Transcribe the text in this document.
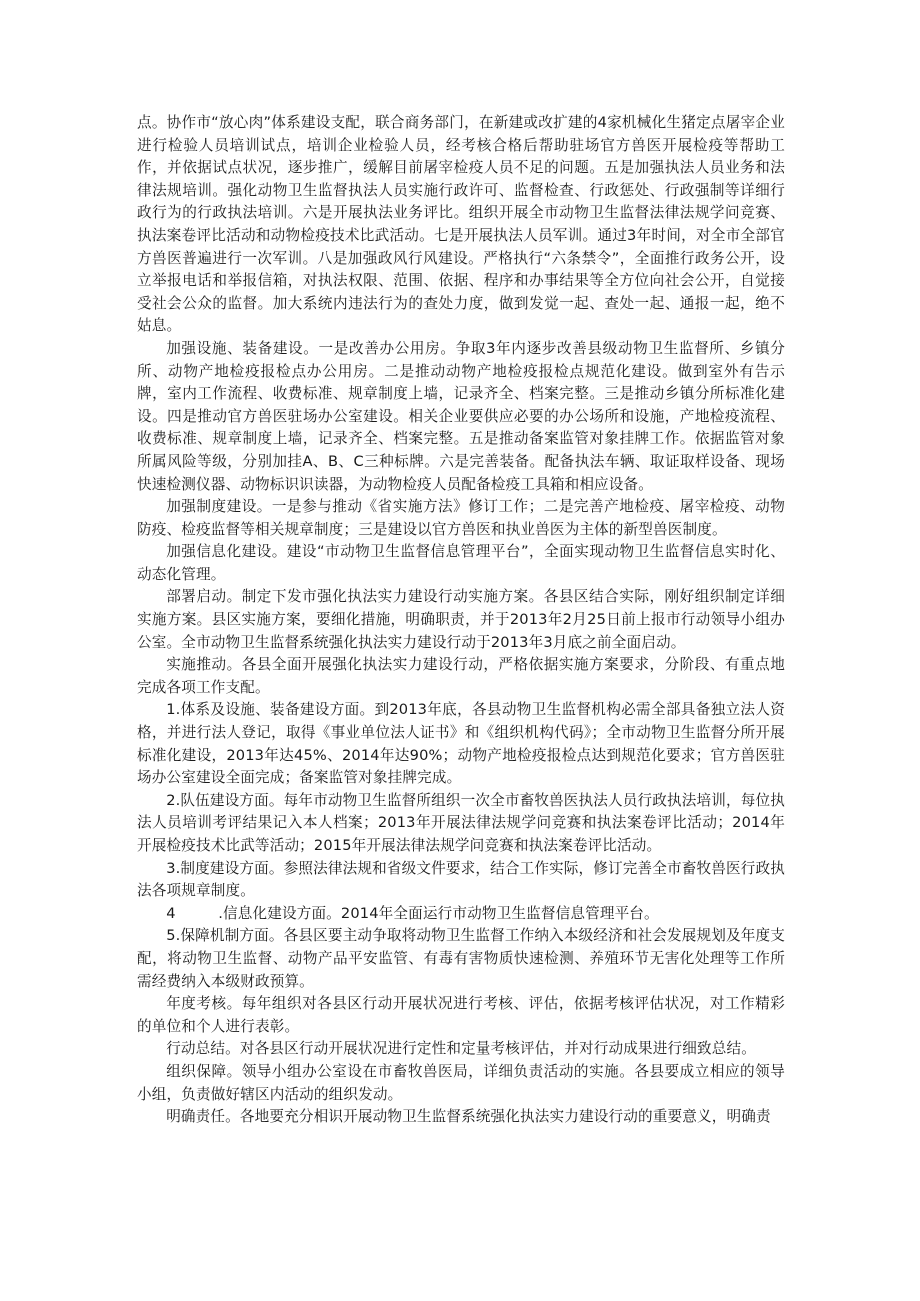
点。协作市“放心肉”体系建设支配，联合商务部门，在新建或改扩建的4家机械化生猪定点屠宰企业进行检验人员培训试点，培训企业检验人员，经考核合格后帮助驻场官方兽医开展检疫等帮助工作，并依据试点状况，逐步推广，缓解目前屠宰检疫人员不足的问题。五是加强执法人员业务和法律法规培训。强化动物卫生监督执法人员实施行政许可、监督检查、行政惩处、行政强制等详细行政行为的行政执法培训。六是开展执法业务评比。组织开展全市动物卫生监督法律法规学问竞赛、执法案卷评比活动和动物检疫技术比武活动。七是开展执法人员军训。通过3年时间，对全市全部官方兽医普遍进行一次军训。八是加强政风行风建设。严格执行“六条禁令”，全面推行政务公开，设立举报电话和举报信箱，对执法权限、范围、依据、程序和办事结果等全方位向社会公开，自觉接受社会公众的监督。加大系统内违法行为的查处力度，做到发觉一起、查处一起、通报一起，绝不姑息。

加强设施、装备建设。一是改善办公用房。争取3年内逐步改善县级动物卫生监督所、乡镇分所、动物产地检疫报检点办公用房。二是推动动物产地检疫报检点规范化建设。做到室外有告示牌，室内工作流程、收费标准、规章制度上墙，记录齐全、档案完整。三是推动乡镇分所标准化建设。四是推动官方兽医驻场办公室建设。相关企业要供应必要的办公场所和设施，产地检疫流程、收费标准、规章制度上墙，记录齐全、档案完整。五是推动备案监管对象挂牌工作。依据监管对象所属风险等级，分别加挂A、B、C三种标牌。六是完善装备。配备执法车辆、取证取样设备、现场快速检测仪器、动物标识识读器，为动物检疫人员配备检疫工具箱和相应设备。

加强制度建设。一是参与推动《省实施方法》修订工作；二是完善产地检疫、屠宰检疫、动物防疫、检疫监督等相关规章制度；三是建设以官方兽医和执业兽医为主体的新型兽医制度。

加强信息化建设。建设“市动物卫生监督信息管理平台”，全面实现动物卫生监督信息实时化、动态化管理。

部署启动。制定下发市强化执法实力建设行动实施方案。各县区结合实际，刚好组织制定详细实施方案。县区实施方案，要细化措施，明确职责，并于2013年2月25日前上报市行动领导小组办公室。全市动物卫生监督系统强化执法实力建设行动于2013年3月底之前全面启动。

实施推动。各县全面开展强化执法实力建设行动，严格依据实施方案要求，分阶段、有重点地完成各项工作支配。

1.体系及设施、装备建设方面。到2013年底，各县动物卫生监督机构必需全部具备独立法人资格，并进行法人登记，取得《事业单位法人证书》和《组织机构代码》；全市动物卫生监督分所开展标准化建设，2013年达45%、2014年达90%；动物产地检疫报检点达到规范化要求；官方兽医驻场办公室建设全面完成；备案监管对象挂牌完成。

2.队伍建设方面。每年市动物卫生监督所组织一次全市畜牧兽医执法人员行政执法培训，每位执法人员培训考评结果记入本人档案；2013年开展法律法规学问竞赛和执法案卷评比活动；2014年开展检疫技术比武等活动；2015年开展法律法规学问竞赛和执法案卷评比活动。

3.制度建设方面。参照法律法规和省级文件要求，结合工作实际，修订完善全市畜牧兽医行政执法各项规章制度。

4	.信息化建设方面。2014年全面运行市动物卫生监督信息管理平台。

5.保障机制方面。各县区要主动争取将动物卫生监督工作纳入本级经济和社会发展规划及年度支配，将动物卫生监督、动物产品平安监管、有毒有害物质快速检测、养殖环节无害化处理等工作所需经费纳入本级财政预算。

年度考核。每年组织对各县区行动开展状况进行考核、评估，依据考核评估状况，对工作精彩的单位和个人进行表彰。

行动总结。对各县区行动开展状况进行定性和定量考核评估，并对行动成果进行细致总结。

组织保障。领导小组办公室设在市畜牧兽医局，详细负责活动的实施。各县要成立相应的领导小组，负责做好辖区内活动的组织发动。

明确责任。各地要充分相识开展动物卫生监督系统强化执法实力建设行动的重要意义，明确责
